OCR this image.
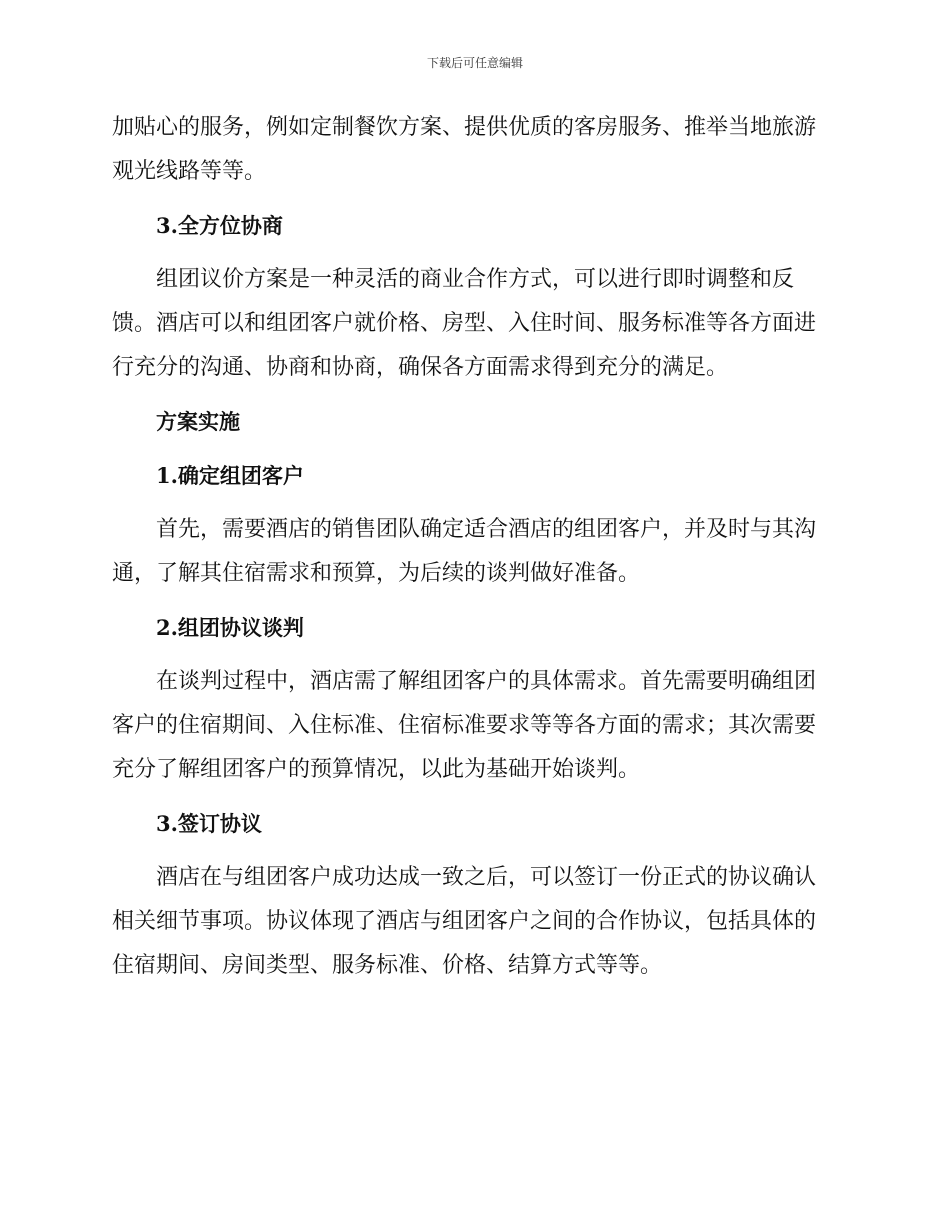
下载后可任意编辑

加贴心的服务，例如定制餐饮方案、提供优质的客房服务、推举当地旅游观光线路等等。

3.全方位协商

组团议价方案是一种灵活的商业合作方式，可以进行即时调整和反馈。酒店可以和组团客户就价格、房型、入住时间、服务标准等各方面进行充分的沟通、协商和协商，确保各方面需求得到充分的满足。

方案实施
1.确定组团客户

首先，需要酒店的销售团队确定适合酒店的组团客户，并及时与其沟通，了解其住宿需求和预算，为后续的谈判做好准备。

2.组团协议谈判

在谈判过程中，酒店需了解组团客户的具体需求。首先需要明确组团客户的住宿期间、入住标准、住宿标准要求等等各方面的需求；其次需要充分了解组团客户的预算情况，以此为基础开始谈判。

3.签订协议

酒店在与组团客户成功达成一致之后，可以签订一份正式的协议确认相关细节事项。协议体现了酒店与组团客户之间的合作协议，包括具体的住宿期间、房间类型、服务标准、价格、结算方式等等。
